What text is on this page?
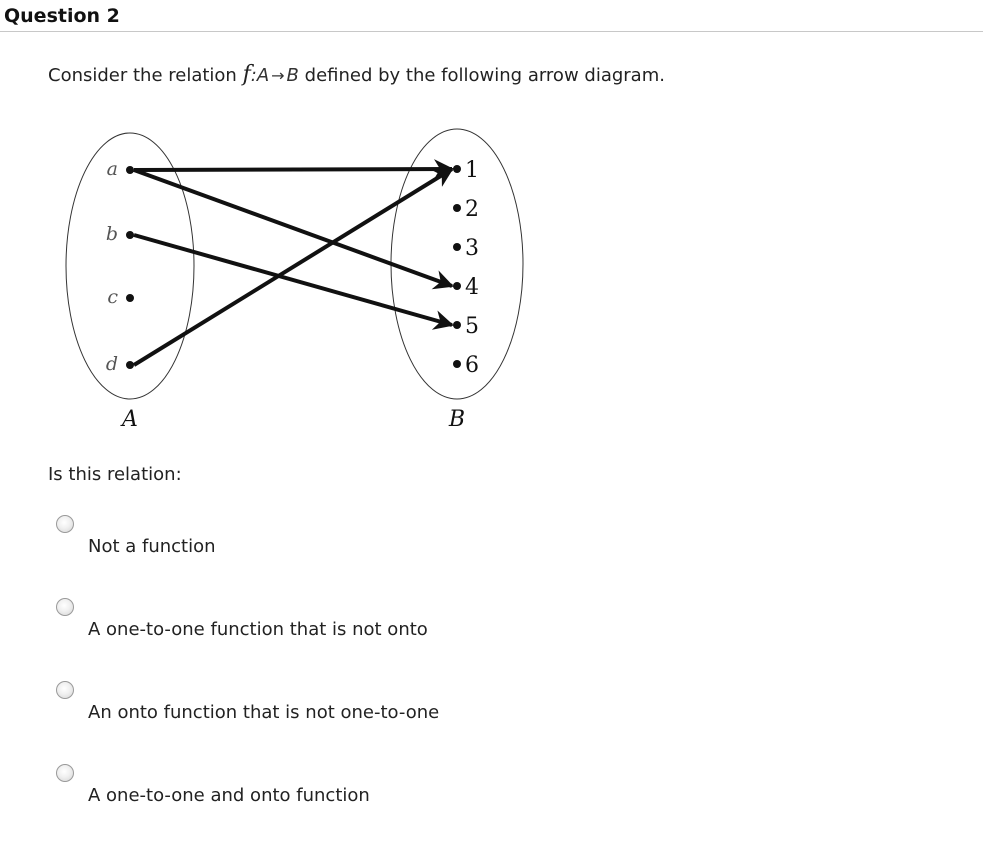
Question 2
Consider the relation f:A → B defined by the following arrow diagram.
a
b
c
d
1
2
3
4
5
6
A	B
Is this relation:
Not a function
A one-to-one function that is not onto
An onto function that is not one-to-one
A one-to-one and onto function
